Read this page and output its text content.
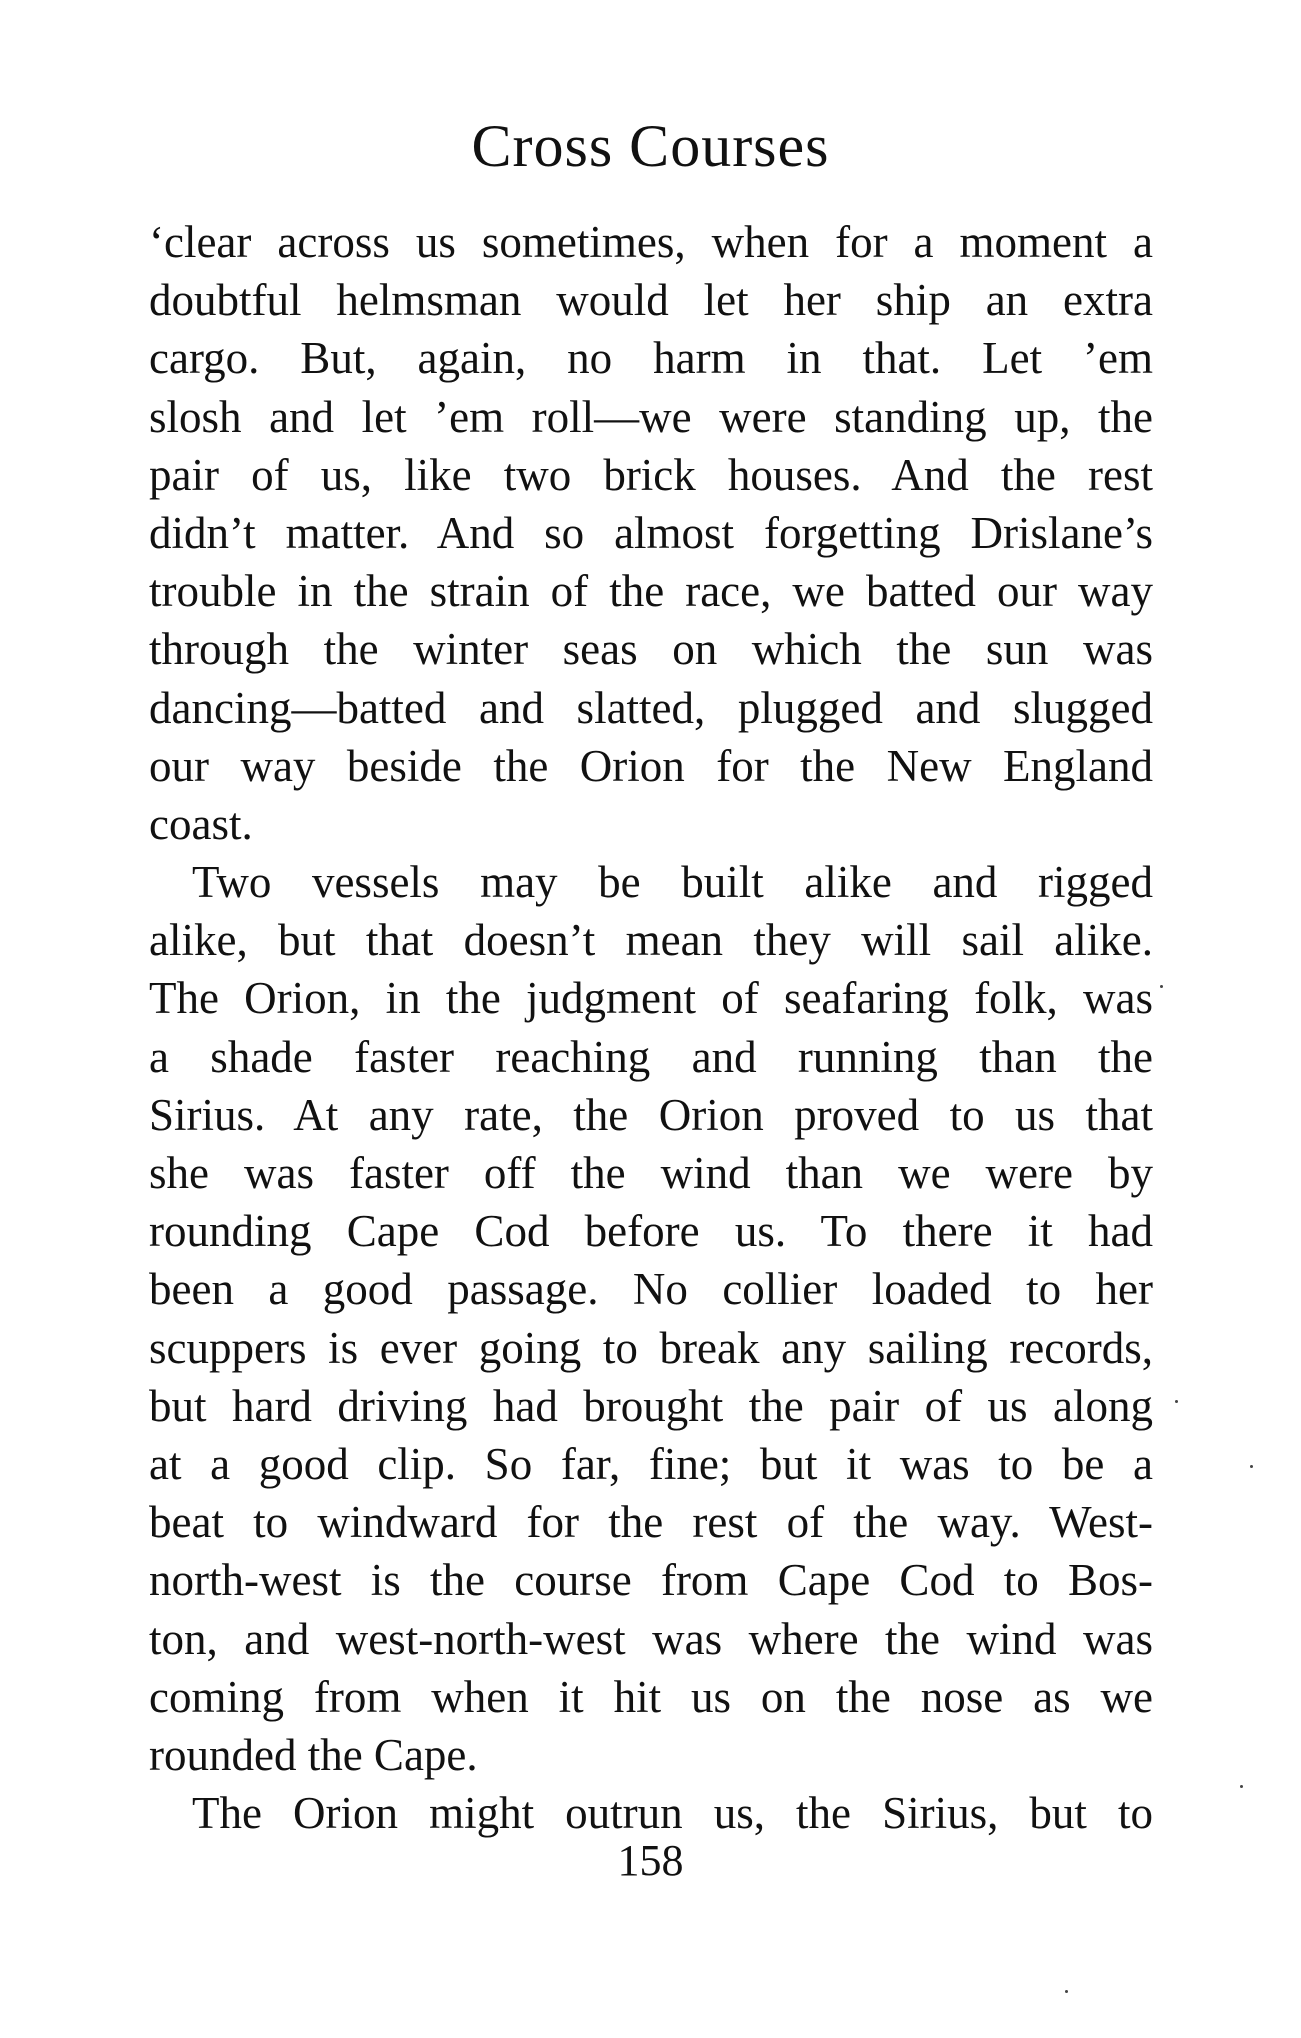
Cross Courses
ʻclear across us sometimes, when for a moment a
doubtful helmsman would let her ship an extra
cargo. But, again, no harm in that. Let ’em
slosh and let ’em roll—we were standing up, the
pair of us, like two brick houses. And the rest
didn’t matter. And so almost forgetting Drislane’s
trouble in the strain of the race, we batted our way
through the winter seas on which the sun was
dancing—batted and slatted, plugged and slugged
our way beside the Orion for the New England
coast.
Two vessels may be built alike and rigged
alike, but that doesn’t mean they will sail alike.
The Orion, in the judgment of seafaring folk, was
a shade faster reaching and running than the
Sirius. At any rate, the Orion proved to us that
she was faster off the wind than we were by
rounding Cape Cod before us. To there it had
been a good passage. No collier loaded to her
scuppers is ever going to break any sailing records,
but hard driving had brought the pair of us along
at a good clip. So far, fine; but it was to be a
beat to windward for the rest of the way. West-
north-west is the course from Cape Cod to Bos-
ton, and west-north-west was where the wind was
coming from when it hit us on the nose as we
rounded the Cape.
The Orion might outrun us, the Sirius, but to
158
